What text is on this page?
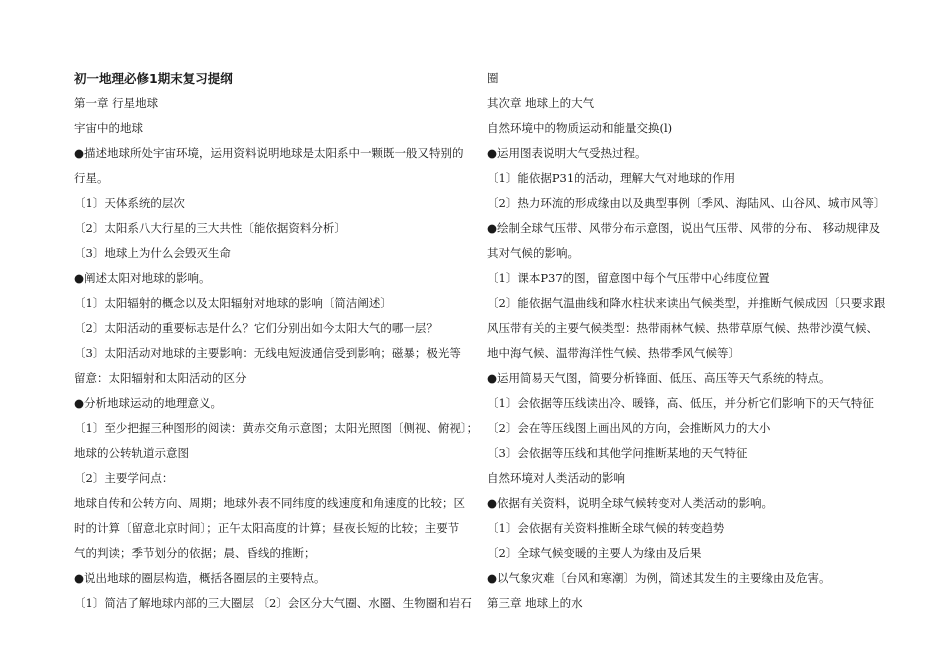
初一地理必修1期末复习提纲
第一章 行星地球
宇宙中的地球
●描述地球所处宇宙环境，运用资料说明地球是太阳系中一颗既一般又特别的
行星。
〔1〕天体系统的层次
〔2〕太阳系八大行星的三大共性〔能依据资料分析〕
〔3〕地球上为什么会毁灭生命
●阐述太阳对地球的影响。
〔1〕太阳辐射的概念以及太阳辐射对地球的影响〔简洁阐述〕
〔2〕太阳活动的重要标志是什么？它们分别出如今太阳大气的哪一层？
〔3〕太阳活动对地球的主要影响：无线电短波通信受到影响；磁暴；极光等
留意：太阳辐射和太阳活动的区分
●分析地球运动的地理意义。
〔1〕至少把握三种图形的阅读：黄赤交角示意图；太阳光照图〔侧视、俯视〕；
地球的公转轨道示意图
〔2〕主要学问点：
地球自传和公转方向、周期；地球外表不同纬度的线速度和角速度的比较；区
时的计算〔留意北京时间〕；正午太阳高度的计算；昼夜长短的比较；主要节
气的判读；季节划分的依据；晨、昏线的推断；
●说出地球的圈层构造，概括各圈层的主要特点。
〔1〕简洁了解地球内部的三大圈层 〔2〕会区分大气圈、水圈、生物圈和岩石
圈
其次章 地球上的大气
自然环境中的物质运动和能量交换(l)
●运用图表说明大气受热过程。
〔1〕能依据P31的活动，理解大气对地球的作用
〔2〕热力环流的形成缘由以及典型事例〔季风、海陆风、山谷风、城市风等〕
●绘制全球气压带、风带分布示意图，说出气压带、风带的分布、 移动规律及
其对气候的影响。
〔1〕课本P37的图，留意图中每个气压带中心纬度位置
〔2〕能依据气温曲线和降水柱状来读出气候类型，并推断气候成因〔只要求跟
风压带有关的主要气候类型：热带雨林气候、热带草原气候、热带沙漠气候、
地中海气候、温带海洋性气候、热带季风气候等〕
●运用简易天气图，简要分析锋面、低压、高压等天气系统的特点。
〔1〕会依据等压线读出冷、暖锋，高、低压，并分析它们影响下的天气特征
〔2〕会在等压线图上画出风的方向，会推断风力的大小
〔3〕会依据等压线和其他学问推断某地的天气特征
自然环境对人类活动的影响
●依据有关资料，说明全球气候转变对人类活动的影响。
〔1〕会依据有关资料推断全球气候的转变趋势
〔2〕全球气候变暖的主要人为缘由及后果
●以气象灾难〔台风和寒潮〕为例，简述其发生的主要缘由及危害。
第三章 地球上的水
